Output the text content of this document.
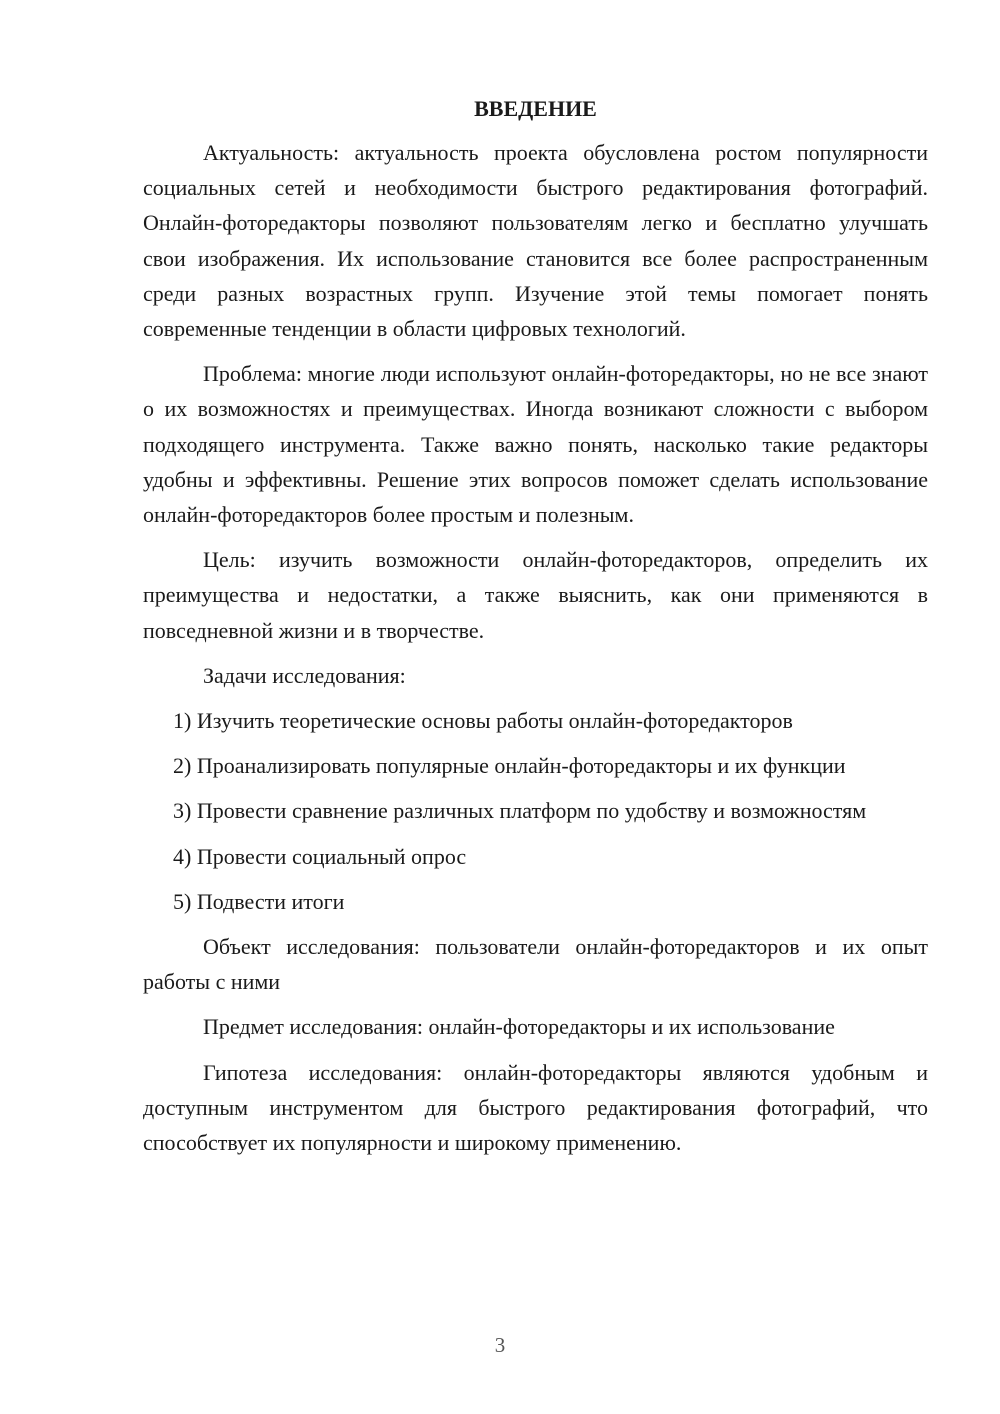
ВВЕДЕНИЕ

Актуальность: актуальность проекта обусловлена ростом популярности социальных сетей и необходимости быстрого редактирования фотографий. Онлайн-фоторедакторы позволяют пользователям легко и бесплатно улучшать свои изображения. Их использование становится все более распространенным среди разных возрастных групп. Изучение этой темы помогает понять современные тенденции в области цифровых технологий.

Проблема: многие люди используют онлайн-фоторедакторы, но не все знают о их возможностях и преимуществах. Иногда возникают сложности с выбором подходящего инструмента. Также важно понять, насколько такие редакторы удобны и эффективны. Решение этих вопросов поможет сделать использование онлайн-фоторедакторов более простым и полезным.

Цель: изучить возможности онлайн-фоторедакторов, определить их преимущества и недостатки, а также выяснить, как они применяются в повседневной жизни и в творчестве.

Задачи исследования:

1) Изучить теоретические основы работы онлайн-фоторедакторов

2) Проанализировать популярные онлайн-фоторедакторы и их функции

3) Провести сравнение различных платформ по удобству и возможностям

4) Провести социальный опрос

5) Подвести итоги

Объект исследования: пользователи онлайн-фоторедакторов и их опыт работы с ними

Предмет исследования: онлайн-фоторедакторы и их использование

Гипотеза исследования: онлайн-фоторедакторы являются удобным и доступным инструментом для быстрого редактирования фотографий, что способствует их популярности и широкому применению.

3
